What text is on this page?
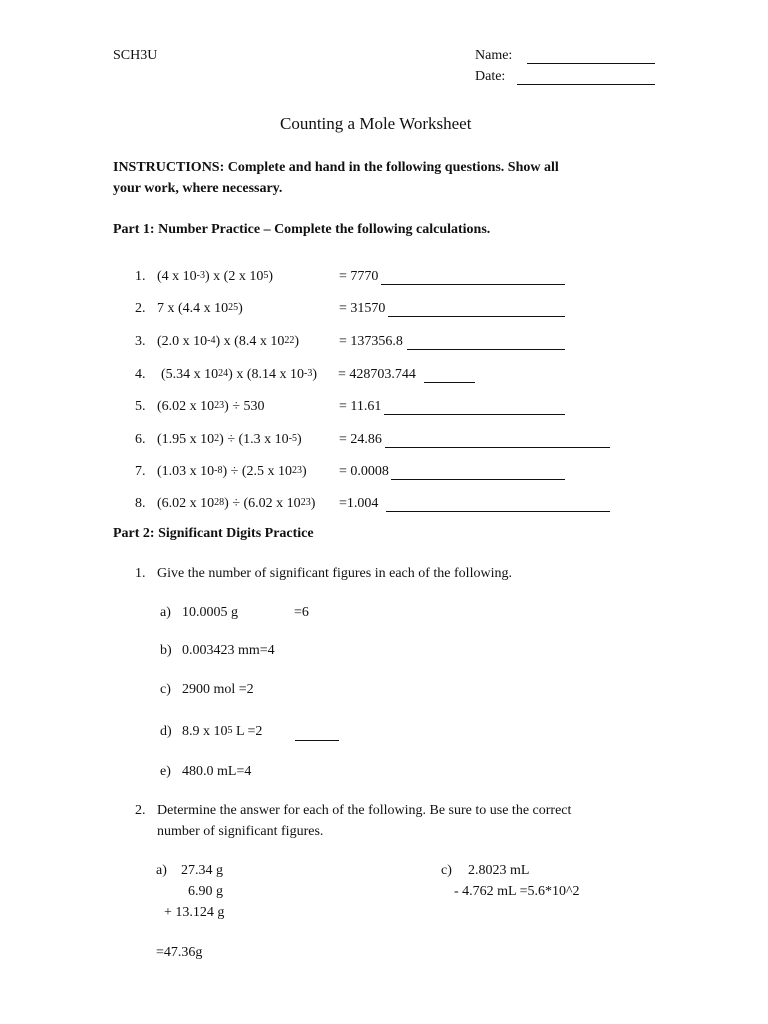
SCH3U	Name:
Date:
Counting a Mole Worksheet
INSTRUCTIONS: Complete and hand in the following questions. Show all
your work, where necessary.
Part 1: Number Practice – Complete the following calculations.
1. (4 x $10^{-3}$) x (2 x $10^5$)	= 7770
2. 7 x (4.4 x $10^{25}$)	= 31570
3. (2.0 x $10^{-4}$) x (8.4 x $10^{22}$)	= 137356.8
4. (5.34 x $10^{24}$) x (8.14 x $10^{-3}) = 428703.744$
5. (6.02 x $10^{23}) \div 530$	= 11.61
6. (1.95 x $10^2) \div (1.3$ x $10^{-5}$)	= 24.86
7. (1.03 x $10^{-8}) \div (2.5$ x $10^{23}) = 0.0008$
8. (6.02 x $10^{28}) \div (6.02$ x $10^{23}) =1.004$
Part 2: Significant Digits Practice
1. Give the number of significant figures in each of the following.
a) 10.0005 g	=6
b) 0.003423 mm=4
c) 2900 mol =2
d) 8.9 x $10^5$ L =2
e) 480.0 mL=4
2. Determine the answer for each of the following. Be sure to use the correct
number of significant figures.
a) 27.34 g
6.90 g
+ 13.124 g
=47.36g
c) 2.8023 mL
- 4.762 mL =5.6*10^2
